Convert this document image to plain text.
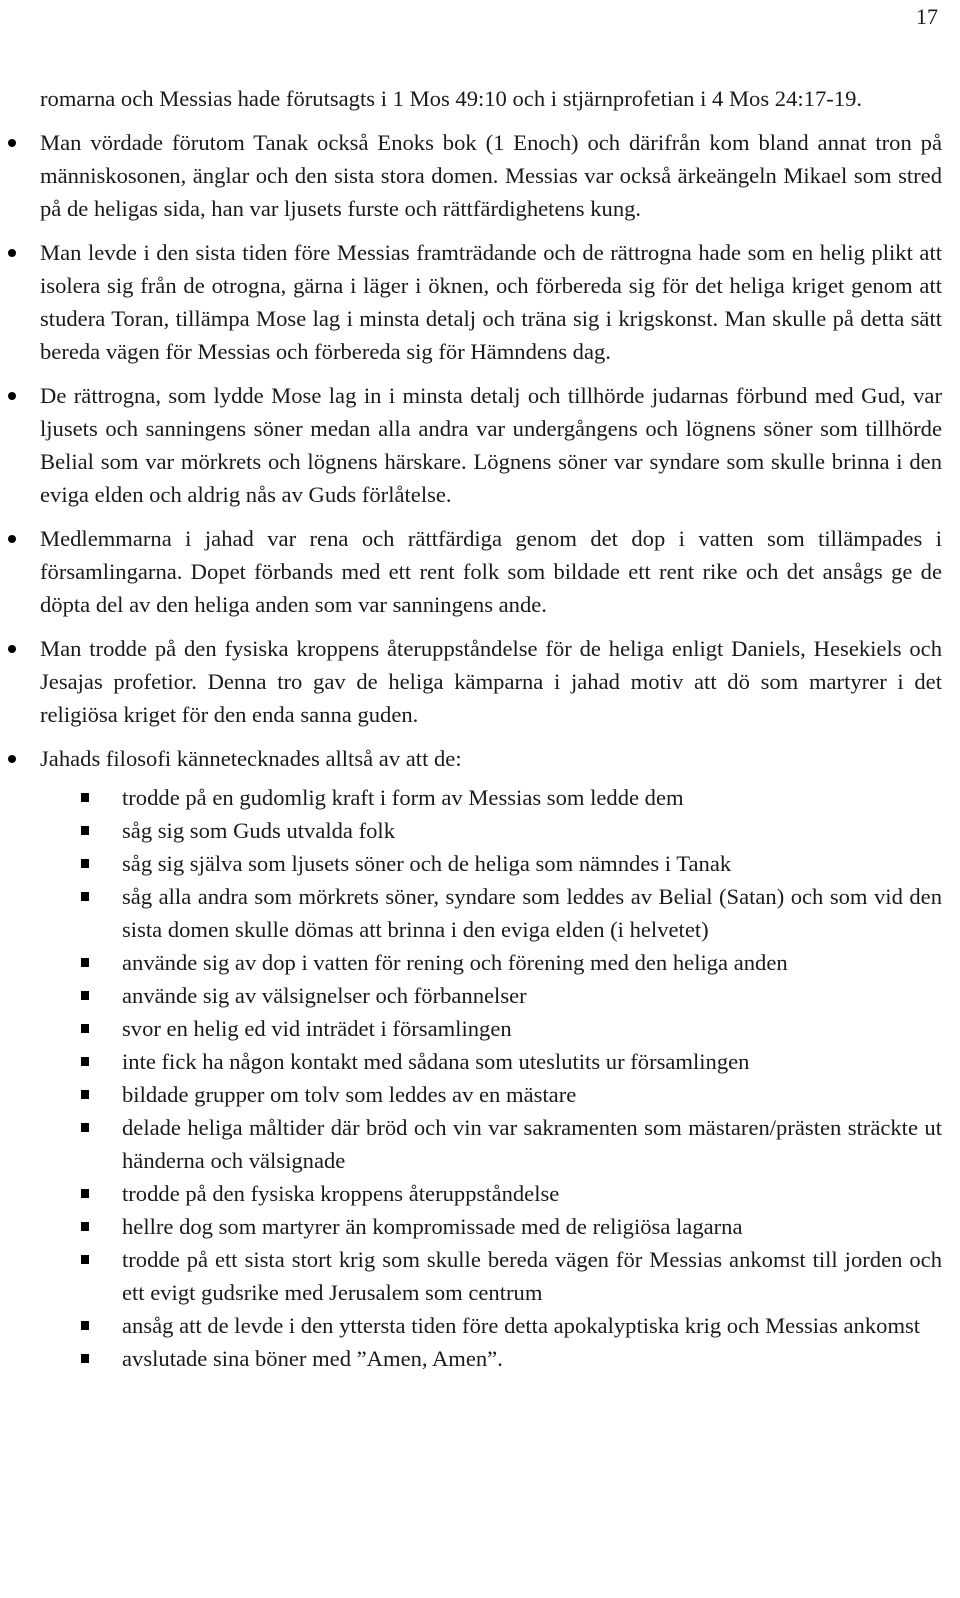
17

romarna och Messias hade förutsagts i 1 Mos 49:10 och i stjärnprofetian i 4 Mos 24:17-19.

Man vördade förutom Tanak också Enoks bok (1 Enoch) och därifrån kom bland annat tron på människosonen, änglar och den sista stora domen. Messias var också ärkeängeln Mikael som stred på de heligas sida, han var ljusets furste och rättfärdighetens kung.
Man levde i den sista tiden före Messias framträdande och de rättrogna hade som en helig plikt att isolera sig från de otrogna, gärna i läger i öknen, och förbereda sig för det heliga kriget genom att studera Toran, tillämpa Mose lag i minsta detalj och träna sig i krigskonst. Man skulle på detta sätt bereda vägen för Messias och förbereda sig för Hämndens dag.
De rättrogna, som lydde Mose lag in i minsta detalj och tillhörde judarnas förbund med Gud, var ljusets och sanningens söner medan alla andra var undergångens och lögnens söner som tillhörde Belial som var mörkrets och lögnens härskare. Lögnens söner var syndare som skulle brinna i den eviga elden och aldrig nås av Guds förlåtelse.
Medlemmarna i jahad var rena och rättfärdiga genom det dop i vatten som tillämpades i församlingarna. Dopet förbands med ett rent folk som bildade ett rent rike och det ansågs ge de döpta del av den heliga anden som var sanningens ande.
Man trodde på den fysiska kroppens återuppståndelse för de heliga enligt Daniels, Hesekiels och Jesajas profetior. Denna tro gav de heliga kämparna i jahad motiv att dö som martyrer i det religiösa kriget för den enda sanna guden.
Jahads filosofi kännetecknades alltså av att de:
trodde på en gudomlig kraft i form av Messias som ledde dem
såg sig som Guds utvalda folk
såg sig själva som ljusets söner och de heliga som nämndes i Tanak
såg alla andra som mörkrets söner, syndare som leddes av Belial (Satan) och som vid den sista domen skulle dömas att brinna i den eviga elden (i helvetet)
använde sig av dop i vatten för rening och förening med den heliga anden
använde sig av välsignelser och förbannelser
svor en helig ed vid inträdet i församlingen
inte fick ha någon kontakt med sådana som uteslutits ur församlingen
bildade grupper om tolv som leddes av en mästare
delade heliga måltider där bröd och vin var sakramenten som mästaren/prästen sträckte ut händerna och välsignade
trodde på den fysiska kroppens återuppståndelse
hellre dog som martyrer än kompromissade med de religiösa lagarna
trodde på ett sista stort krig som skulle bereda vägen för Messias ankomst till jorden och ett evigt gudsrike med Jerusalem som centrum
ansåg att de levde i den yttersta tiden före detta apokalyptiska krig och Messias ankomst
avslutade sina böner med ”Amen, Amen”.
